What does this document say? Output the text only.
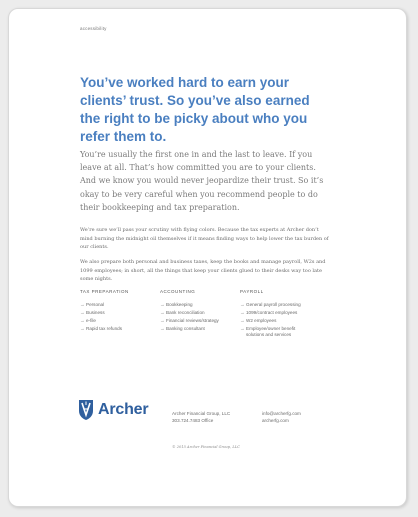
accessibility
You’ve worked hard to earn your clients’ trust. So you’ve also earned the right to be picky about who you refer them to.

You’re usually the first one in and the last to leave. If you leave at all. That’s how committed you are to your clients. And we know you would never jeopardize their trust. So it’s okay to be very careful when you recommend people to do their bookkeeping and tax preparation.

We’re sure we’ll pass your scrutiny with flying colors. Because the tax experts at Archer don’t mind burning the midnight oil themselves if it means finding ways to help lower the tax burden of our clients.

We also prepare both personal and business taxes, keep the books and manage payroll, W2s and 1099 employees; in short, all the things that keep your clients glued to their desks way too late some nights.

TAX PREPARATION
→ Personal
→ Business
→ e-file
→ Rapid tax refunds
ACCOUNTING
→ Bookkeeping
→ Bank reconciliation
→ Financial reviews/strategy
→ Banking consultant
PAYROLL
→ General payroll processing
→ 1099/contract employees
→ W2 employees
→ Employee/owner benefit
solutions and services
Archer	Archer Financial Group, LLC
303.724.7483 Office
info@archerfg.com
archerfg.com
© 2015 Archer Financial Group, LLC
